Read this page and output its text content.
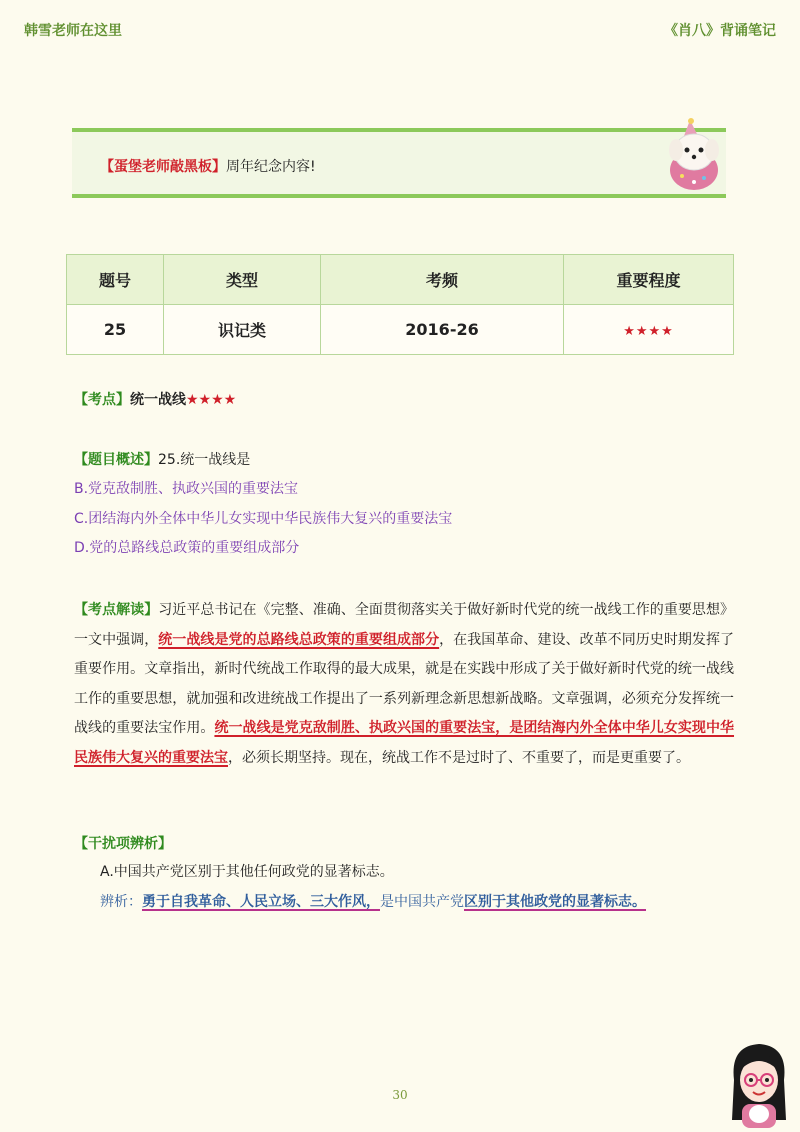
韩雪老师在这里	《肖八》背诵笔记
【蛋堡老师敲黑板】周年纪念内容!
题号	类型	考频	重要程度
25	识记类	2016-26	★★★★
【考点】统一战线★★★★
【题目概述】25.统一战线是
B.党克敌制胜、执政兴国的重要法宝
C.团结海内外全体中华儿女实现中华民族伟大复兴的重要法宝
D.党的总路线总政策的重要组成部分
【考点解读】习近平总书记在《完整、准确、全面贯彻落实关于做好新时代党的统一战线工作的重要思想》一文中强调，统一战线是党的总路线总政策的重要组成部分，在我国革命、建设、改革不同历史时期发挥了重要作用。文章指出，新时代统战工作取得的最大成果，就是在实践中形成了关于做好新时代党的统一战线工作的重要思想，就加强和改进统战工作提出了一系列新理念新思想新战略。文章强调，必须充分发挥统一战线的重要法宝作用。统一战线是党克敌制胜、执政兴国的重要法宝，是团结海内外全体中华儿女实现中华民族伟大复兴的重要法宝，必须长期坚持。现在，统战工作不是过时了、不重要了，而是更重要了。
【干扰项辨析】
A.中国共产党区别于其他任何政党的显著标志。
辨析：勇于自我革命、人民立场、三大作风，是中国共产党区别于其他政党的显著标志。
30
